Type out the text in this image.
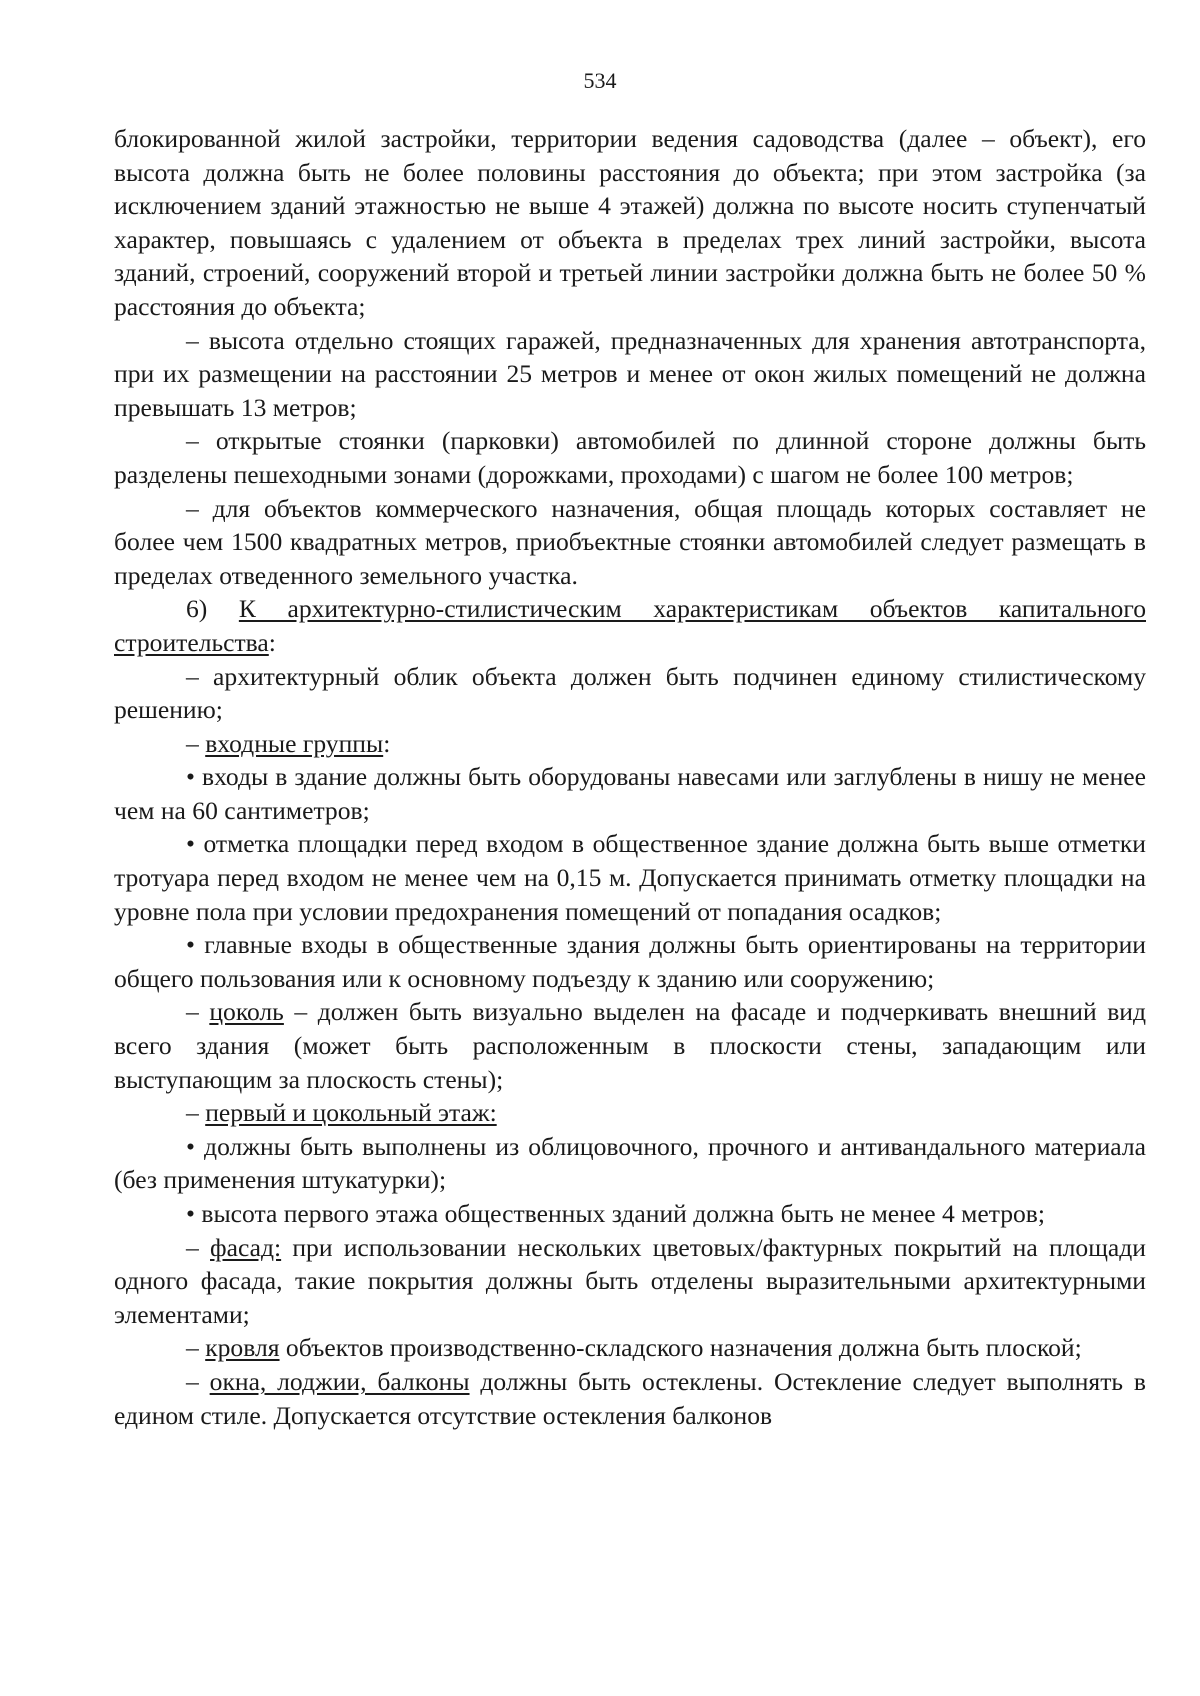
534

блокированной жилой застройки, территории ведения садоводства (далее – объект), его высота должна быть не более половины расстояния до объекта; при этом застройка (за исключением зданий этажностью не выше 4 этажей) должна по высоте носить ступенчатый характер, повышаясь с удалением от объекта в пределах трех линий застройки, высота зданий, строений, сооружений второй и третьей линии застройки должна быть не более 50 % расстояния до объекта;

– высота отдельно стоящих гаражей, предназначенных для хранения автотранспорта, при их размещении на расстоянии 25 метров и менее от окон жилых помещений не должна превышать 13 метров;

– открытые стоянки (парковки) автомобилей по длинной стороне должны быть разделены пешеходными зонами (дорожками, проходами) с шагом не более 100 метров;

– для объектов коммерческого назначения, общая площадь которых составляет не более чем 1500 квадратных метров, приобъектные стоянки автомобилей следует размещать в пределах отведенного земельного участка.

6) К архитектурно-стилистическим характеристикам объектов капитального строительства:

– архитектурный облик объекта должен быть подчинен единому стилистическому решению;

– входные группы:

• входы в здание должны быть оборудованы навесами или заглублены в нишу не менее чем на 60 сантиметров;

• отметка площадки перед входом в общественное здание должна быть выше отметки тротуара перед входом не менее чем на 0,15 м. Допускается принимать отметку площадки на уровне пола при условии предохранения помещений от попадания осадков;

• главные входы в общественные здания должны быть ориентированы на территории общего пользования или к основному подъезду к зданию или сооружению;

– цоколь – должен быть визуально выделен на фасаде и подчеркивать внешний вид всего здания (может быть расположенным в плоскости стены, западающим или выступающим за плоскость стены);

– первый и цокольный этаж:

• должны быть выполнены из облицовочного, прочного и антивандального материала (без применения штукатурки);

• высота первого этажа общественных зданий должна быть не менее 4 метров;

– фасад: при использовании нескольких цветовых/фактурных покрытий на площади одного фасада, такие покрытия должны быть отделены выразительными архитектурными элементами;

– кровля объектов производственно-складского назначения должна быть плоской;

– окна, лоджии, балконы должны быть остеклены. Остекление следует выполнять в едином стиле. Допускается отсутствие остекления балконов
